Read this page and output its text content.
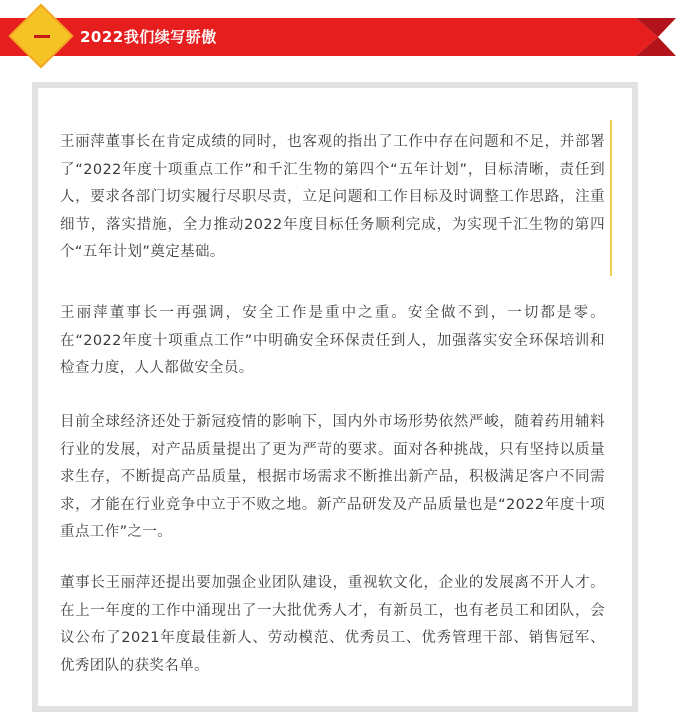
2022我们续写骄傲

王丽萍董事长在肯定成绩的同时，也客观的指出了工作中存在问题和不足，并部署了“2022年度十项重点工作”和千汇生物的第四个“五年计划”，目标清晰，责任到人，要求各部门切实履行尽职尽责，立足问题和工作目标及时调整工作思路，注重细节，落实措施，全力推动2022年度目标任务顺利完成，为实现千汇生物的第四个“五年计划”奠定基础。

王丽萍董事长一再强调，安全工作是重中之重。安全做不到，一切都是零。在“2022年度十项重点工作”中明确安全环保责任到人，加强落实安全环保培训和检查力度，人人都做安全员。

目前全球经济还处于新冠疫情的影响下，国内外市场形势依然严峻，随着药用辅料行业的发展，对产品质量提出了更为严苛的要求。面对各种挑战，只有坚持以质量求生存，不断提高产品质量，根据市场需求不断推出新产品，积极满足客户不同需求，才能在行业竞争中立于不败之地。新产品研发及产品质量也是“2022年度十项重点工作”之一。

董事长王丽萍还提出要加强企业团队建设，重视软文化，企业的发展离不开人才。在上一年度的工作中涌现出了一大批优秀人才，有新员工，也有老员工和团队，会议公布了2021年度最佳新人、劳动模范、优秀员工、优秀管理干部、销售冠军、优秀团队的获奖名单。
